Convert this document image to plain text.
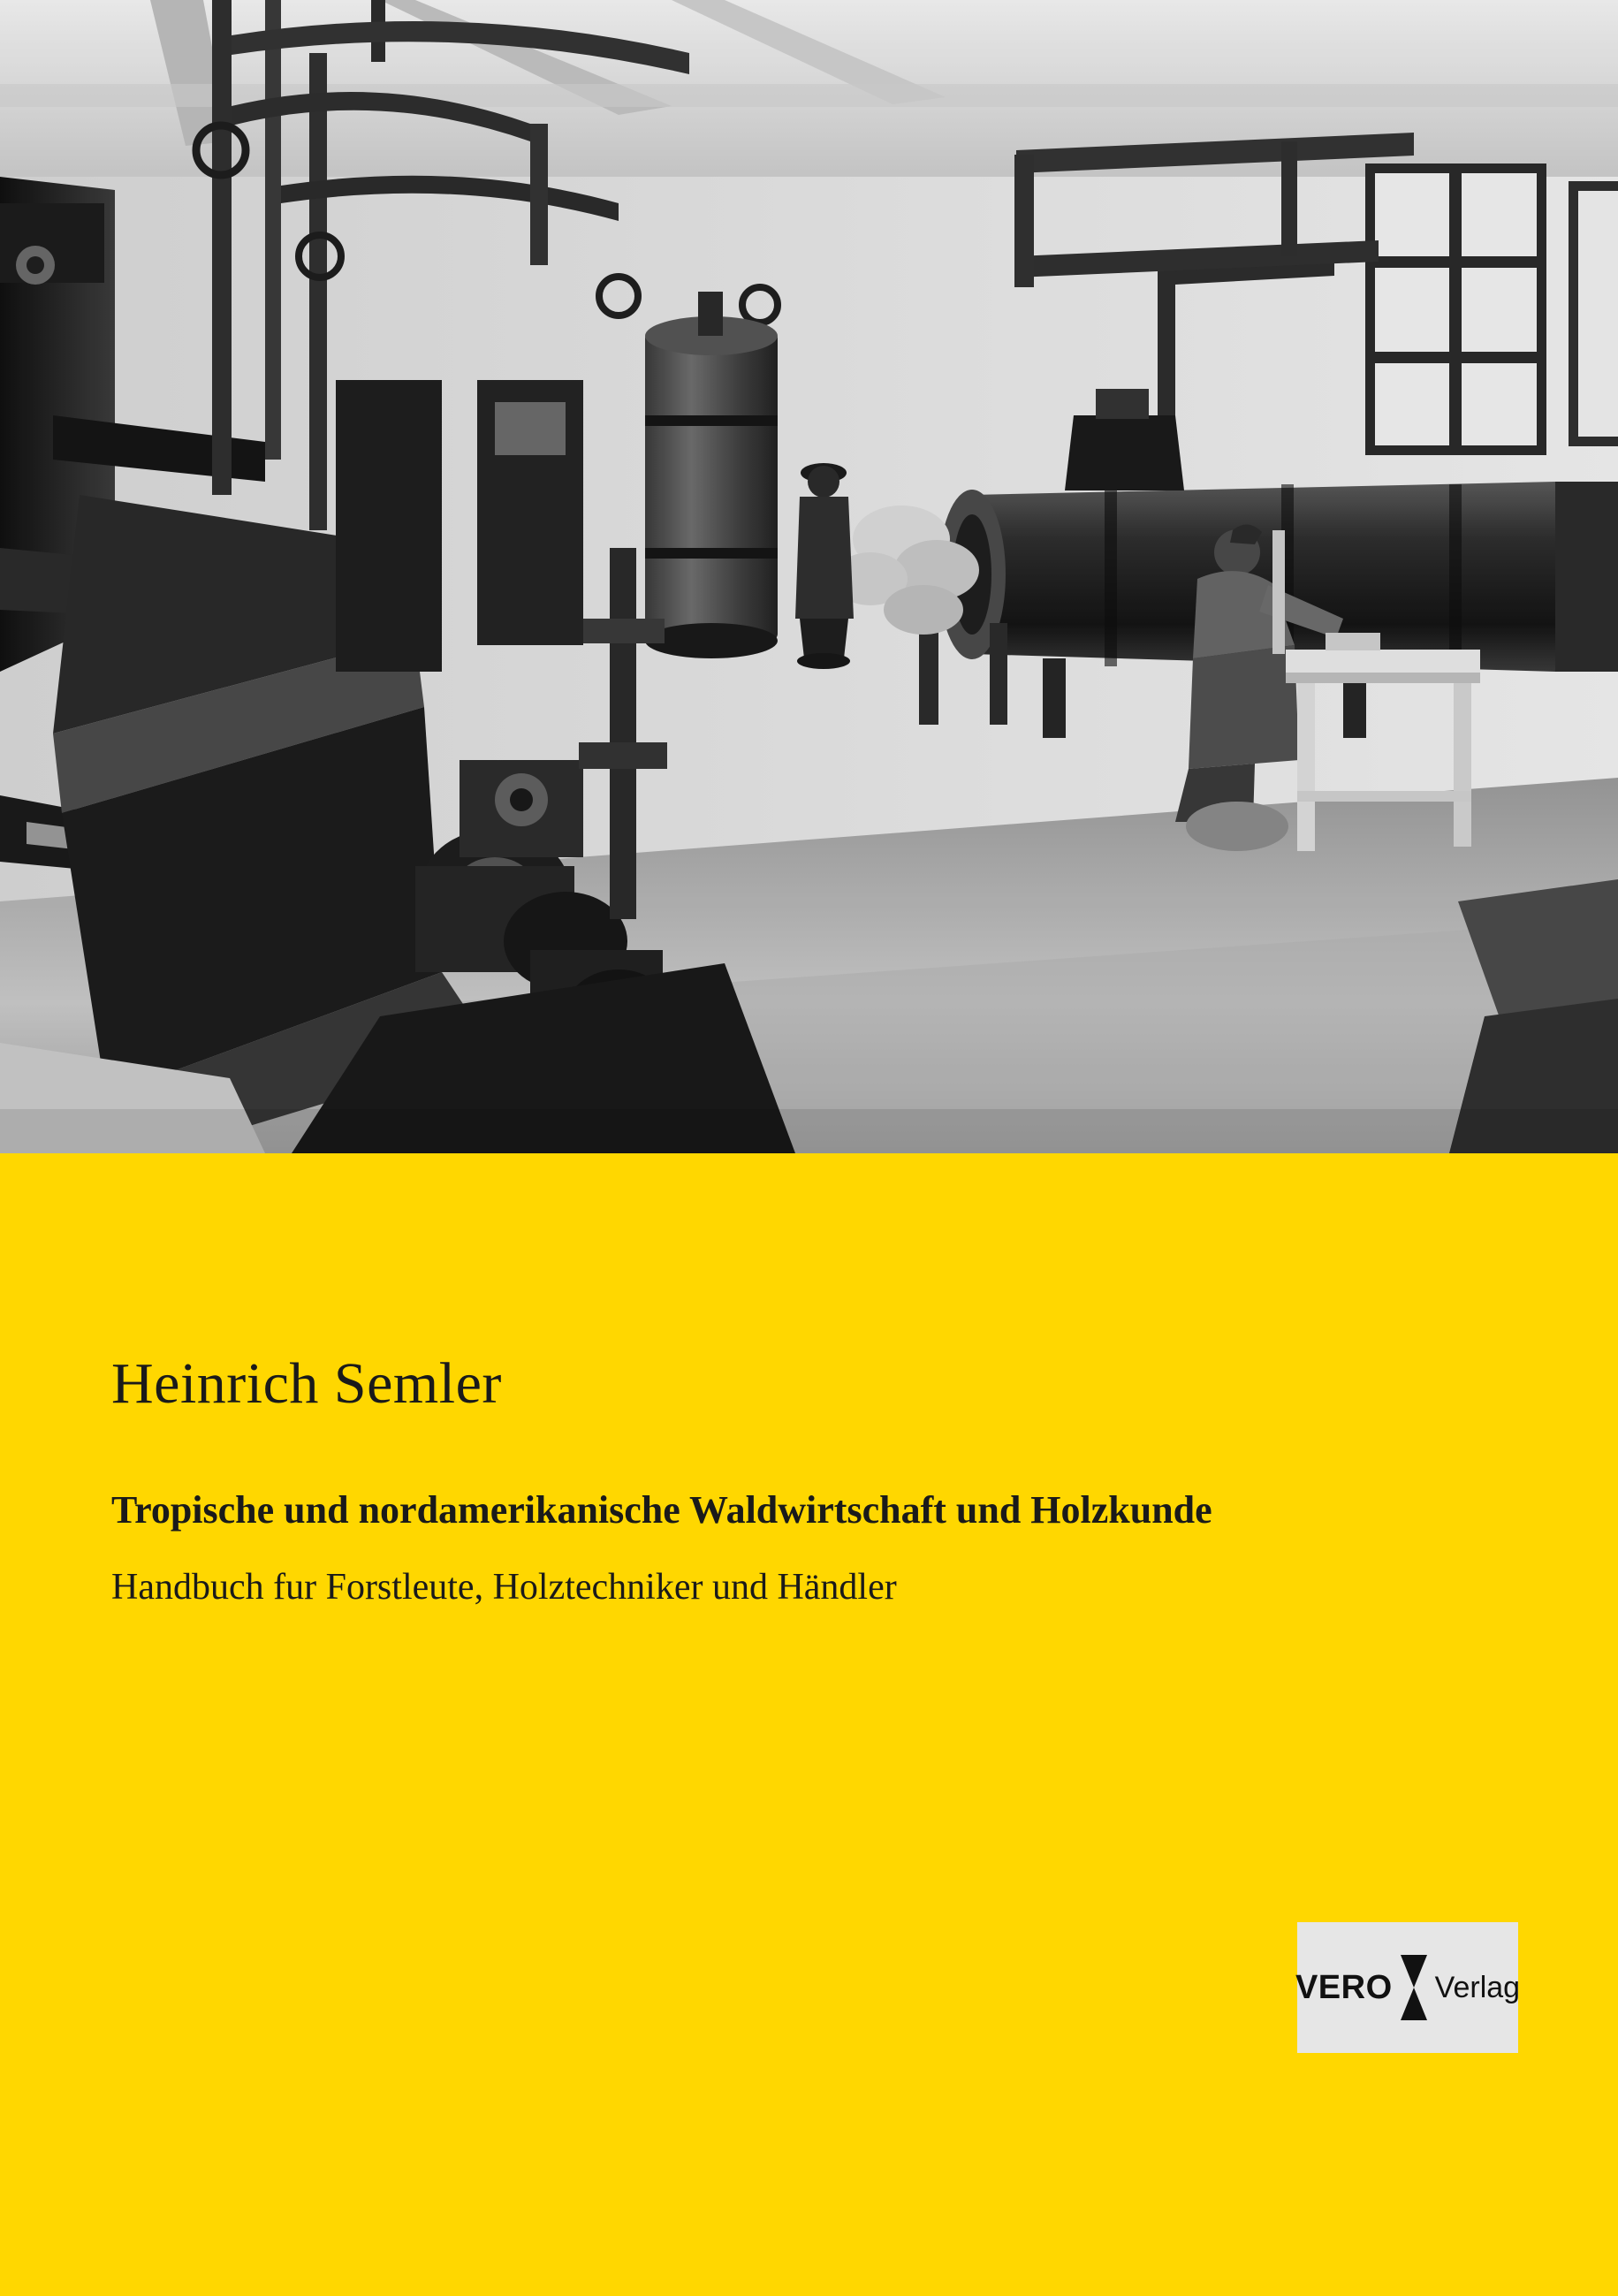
Heinrich Semler
Tropische und nordamerikanische Waldwirtschaft und Holzkunde
Handbuch fur Forstleute, Holztechniker und Händler
VERO Verlag
